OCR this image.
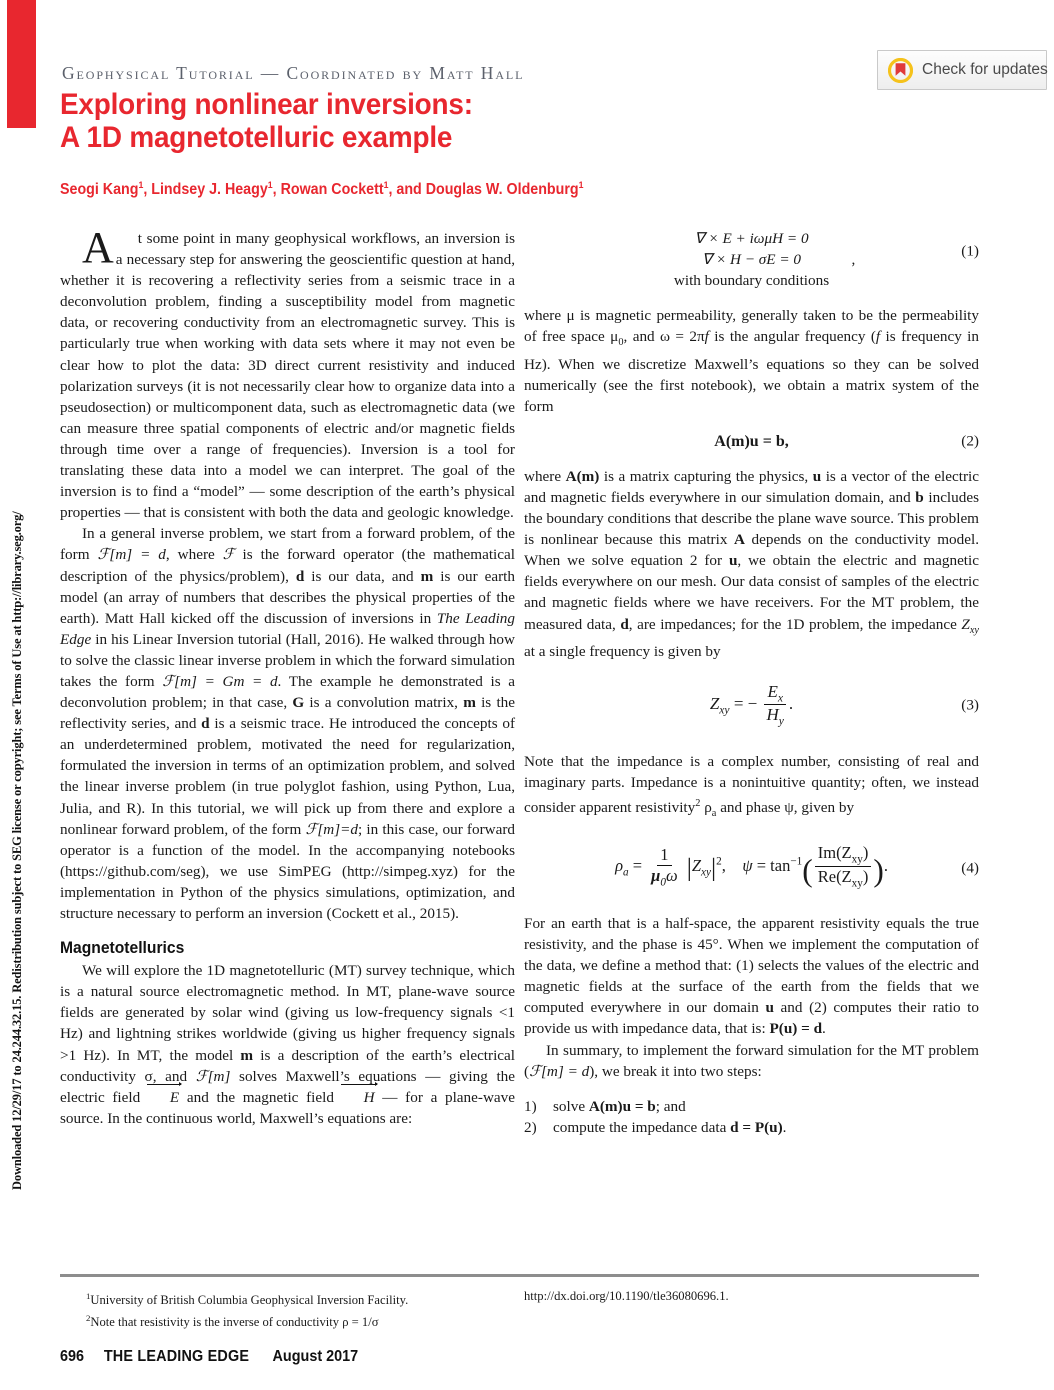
Downloaded 12/29/17 to 24.244.32.15. Redistribution subject to SEG license or copyright; see Terms of Use at http://library.seg.org/
Check for updates
Geophysical Tutorial — Coordinated by Matt Hall
Exploring nonlinear inversions:
A 1D magnetotelluric example
Seogi Kang$^1$, Lindsey J. Heagy$^1$, Rowan Cockett$^1$, and Douglas W. Oldenburg$^1$

A t some point in many geophysical workflows, an inversion is a necessary step for answering the geoscientific question at hand, whether it is recovering a reflectivity series from a seismic trace in a deconvolution problem, finding a susceptibility model from magnetic data, or recovering conductivity from an electromagnetic survey. This is particularly true when working with data sets where it may not even be clear how to plot the data: 3D direct current resistivity and induced polarization surveys (it is not necessarily clear how to organize data into a pseudosection) or multicomponent data, such as electromagnetic data (we can measure three spatial components of electric and/or magnetic fields through time over a range of frequencies). Inversion is a tool for translating these data into a model we can interpret. The goal of the inversion is to find a “model” — some description of the earth’s physical properties — that is consistent with both the data and geologic knowledge.

In a general inverse problem, we start from a forward problem, of the form ℱ[m] = d, where ℱ is the forward operator (the mathematical description of the physics/problem), d is our data, and m is our earth model (an array of numbers that describes the physical properties of the earth). Matt Hall kicked off the discussion of inversions in The Leading Edge in his Linear Inversion tutorial (Hall, 2016). He walked through how to solve the classic linear inverse problem in which the forward simulation takes the form ℱ[m] = Gm = d. The example he demonstrated is a deconvolution problem; in that case, G is a convolution matrix, m is the reflectivity series, and d is a seismic trace. He introduced the concepts of an underdetermined problem, motivated the need for regularization, formulated the inversion in terms of an optimization problem, and solved the linear inverse problem (in true polyglot fashion, using Python, Lua, Julia, and R). In this tutorial, we will pick up from there and explore a nonlinear forward problem, of the form ℱ[m]=d; in this case, our forward operator is a function of the model. In the accompanying notebooks (https://github.com/seg), we use SimPEG (http://simpeg.xyz) for the implementation in Python of the physics simulations, optimization, and structure necessary to perform an inversion (Cockett et al., 2015).

Magnetotellurics

We will explore the 1D magnetotelluric (MT) survey technique, which is a natural source electromagnetic method. In MT, plane-wave source fields are generated by solar wind (giving us low-frequency signals <1 Hz) and lightning strikes worldwide (giving us higher frequency signals >1 Hz). In MT, the model m is a description of the earth’s electrical conductivity σ, and ℱ[m] solves Maxwell’s equations — giving the electric field E and the magnetic field H — for a plane-wave source. In the continuous world, Maxwell’s equations are:

∇ × E + iωμH = 0
∇ × H − σE = 0	,
with boundary conditions
(1)

where μ is magnetic permeability, generally taken to be the permeability of free space $\mu_0$, and ω = 2πf is the angular frequency (f is frequency in Hz). When we discretize Maxwell’s equations so they can be solved numerically (see the first notebook), we obtain a matrix system of the form

A(m)u = b,	(2)

where A(m) is a matrix capturing the physics, u is a vector of the electric and magnetic fields everywhere in our simulation domain, and b includes the boundary conditions that describe the plane wave source. This problem is nonlinear because this matrix A depends on the conductivity model. When we solve equation 2 for u, we obtain the electric and magnetic fields everywhere on our mesh. Our data consist of samples of the electric and magnetic fields where we have receivers. For the MT problem, the measured data, d, are impedances; for the 1D problem, the impedance $Z_{xy}$ at a single frequency is given by

$Z_{xy}$ = − $\frac{E_x}{H_y}$ .	(3)

Note that the impedance is a complex number, consisting of real and imaginary parts. Impedance is a nonintuitive quantity; often, we instead consider apparent resistivity$^2$ $\rho_a$ and phase ψ, given by

$\rho_a = \frac{1}{\mu_0\omega} |Z_{xy}|^2$, $\psi = \tan^{-1}( \frac{Im(Z_{xy})}{Re(Z_{xy})}$ ).	(4)

For an earth that is a half-space, the apparent resistivity equals the true resistivity, and the phase is 45°. When we implement the computation of the data, we define a method that: (1) selects the values of the electric and magnetic fields at the surface of the earth from the fields that we computed everywhere in our domain u and (2) computes their ratio to provide us with impedance data, that is: P(u) = d.

In summary, to implement the forward simulation for the MT problem (ℱ[m] = d), we break it into two steps:

1)	solve A(m)u = b; and
2)	compute the impedance data d = P(u).
$^1$University of British Columbia Geophysical Inversion Facility.
$^2$Note that resistivity is the inverse of conductivity ρ = 1/σ
http://dx.doi.org/10.1190/tle36080696.1.
696 THE LEADING EDGE August 2017
